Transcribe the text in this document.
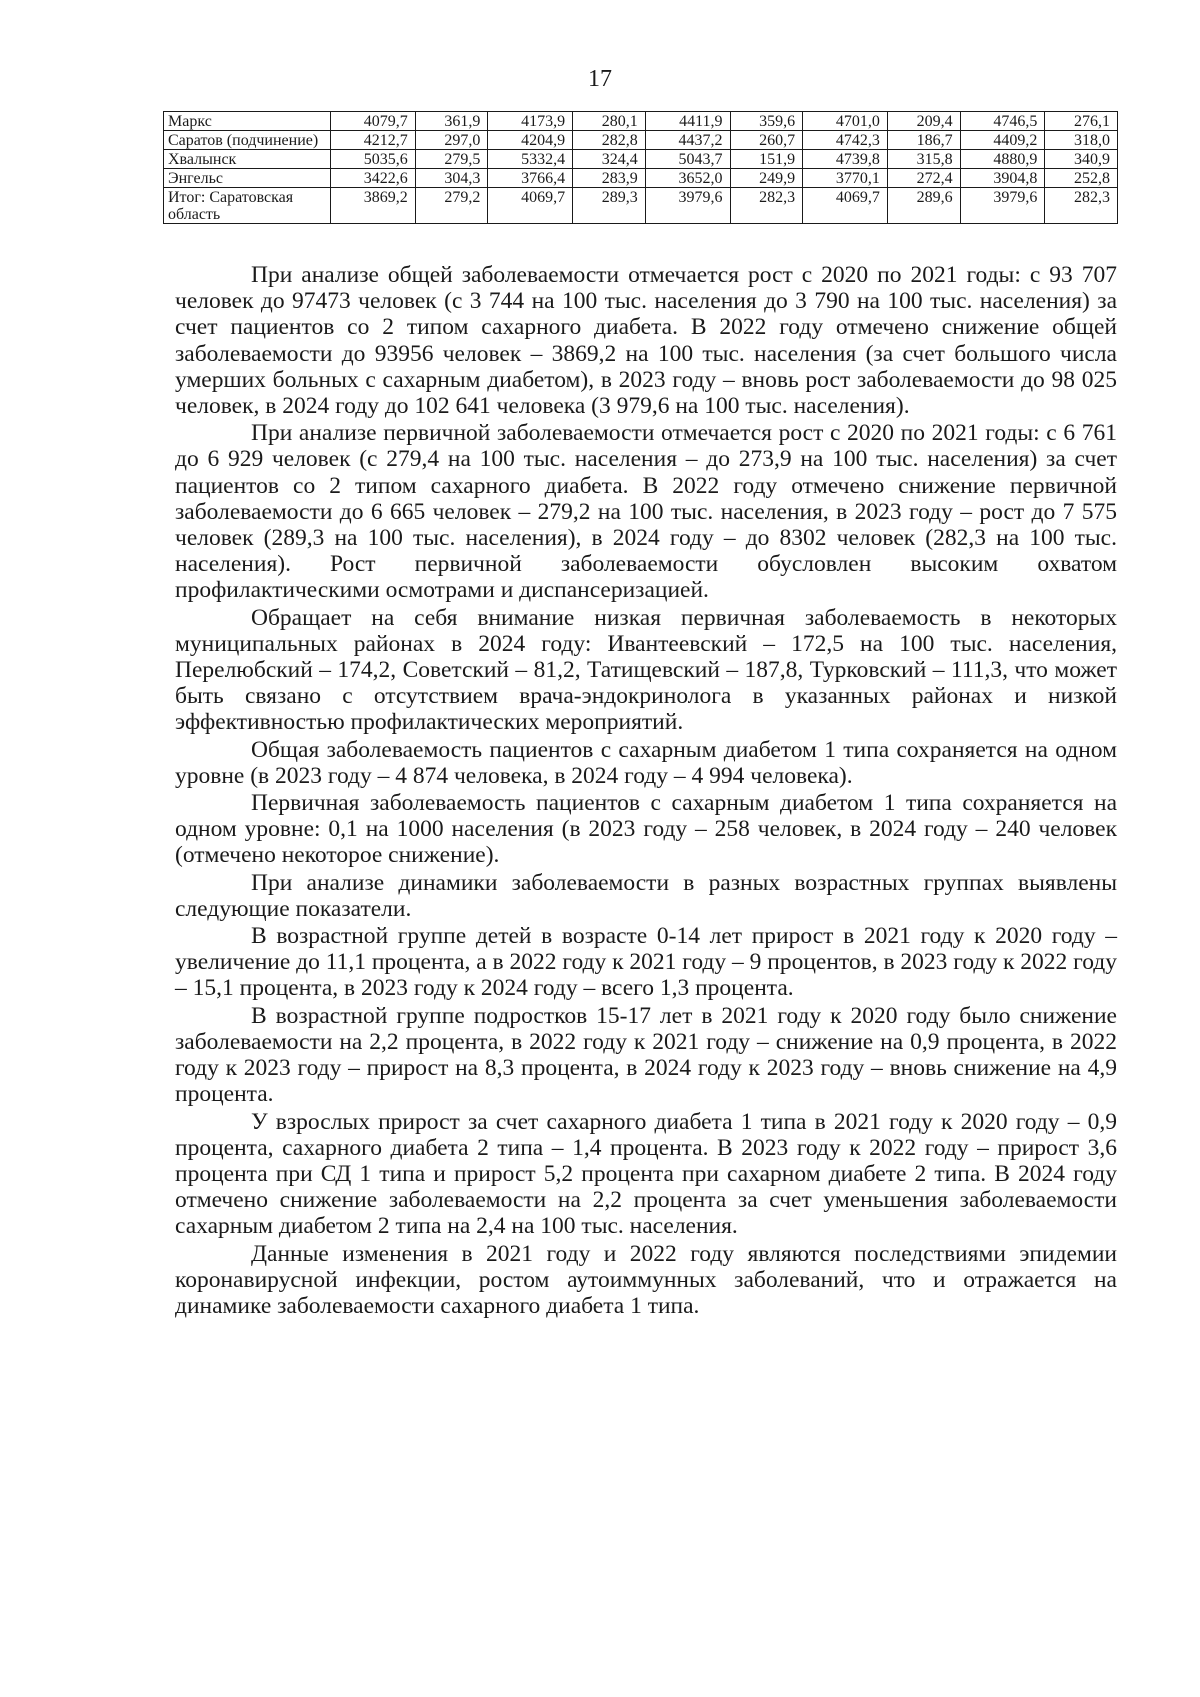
17
Маркс	4079,7	361,9	4173,9	280,1	4411,9	359,6	4701,0	209,4	4746,5	276,1
Саратов (подчинение)	4212,7	297,0	4204,9	282,8	4437,2	260,7	4742,3	186,7	4409,2	318,0
Хвалынск	5035,6	279,5	5332,4	324,4	5043,7	151,9	4739,8	315,8	4880,9	340,9
Энгельс	3422,6	304,3	3766,4	283,9	3652,0	249,9	3770,1	272,4	3904,8	252,8
Итог: Саратовская область	3869,2	279,2	4069,7	289,3	3979,6	282,3	4069,7	289,6	3979,6	282,3

При анализе общей заболеваемости отмечается рост с 2020 по 2021 годы: с 93 707 человек до 97473 человек (с 3 744 на 100 тыс. населения до 3 790 на 100 тыс. населения) за счет пациентов со 2 типом сахарного диабета. В 2022 году отмечено снижение общей заболеваемости до 93956 человек – 3869,2 на 100 тыс. населения (за счет большого числа умерших больных с сахарным диабетом), в 2023 году – вновь рост заболеваемости до 98 025 человек, в 2024 году до 102 641 человека (3 979,6 на 100 тыс. населения).

При анализе первичной заболеваемости отмечается рост с 2020 по 2021 годы: с 6 761 до 6 929 человек (с 279,4 на 100 тыс. населения – до 273,9 на 100 тыс. населения) за счет пациентов со 2 типом сахарного диабета. В 2022 году отмечено снижение первичной заболеваемости до 6 665 человек – 279,2 на 100 тыс. населения, в 2023 году – рост до 7 575 человек (289,3 на 100 тыс. населения), в 2024 году – до 8302 человек (282,3 на 100 тыс. населения). Рост первичной заболеваемости обусловлен высоким охватом профилактическими осмотрами и диспансеризацией.

Обращает на себя внимание низкая первичная заболеваемость в некоторых муниципальных районах в 2024 году: Ивантеевский – 172,5 на 100 тыс. населения, Перелюбский – 174,2, Советский – 81,2, Татищевский – 187,8, Турковский – 111,3, что может быть связано с отсутствием врача-эндокринолога в указанных районах и низкой эффективностью профилактических мероприятий.

Общая заболеваемость пациентов с сахарным диабетом 1 типа сохраняется на одном уровне (в 2023 году – 4 874 человека, в 2024 году – 4 994 человека).

Первичная заболеваемость пациентов с сахарным диабетом 1 типа сохраняется на одном уровне: 0,1 на 1000 населения (в 2023 году – 258 человек, в 2024 году – 240 человек (отмечено некоторое снижение).

При анализе динамики заболеваемости в разных возрастных группах выявлены следующие показатели.

В возрастной группе детей в возрасте 0-14 лет прирост в 2021 году к 2020 году – увеличение до 11,1 процента, а в 2022 году к 2021 году – 9 процентов, в 2023 году к 2022 году – 15,1 процента, в 2023 году к 2024 году – всего 1,3 процента.

В возрастной группе подростков 15-17 лет в 2021 году к 2020 году было снижение заболеваемости на 2,2 процента, в 2022 году к 2021 году – снижение на 0,9 процента, в 2022 году к 2023 году – прирост на 8,3 процента, в 2024 году к 2023 году – вновь снижение на 4,9 процента.

У взрослых прирост за счет сахарного диабета 1 типа в 2021 году к 2020 году – 0,9 процента, сахарного диабета 2 типа – 1,4 процента. В 2023 году к 2022 году – прирост 3,6 процента при СД 1 типа и прирост 5,2 процента при сахарном диабете 2 типа. В 2024 году отмечено снижение заболеваемости на 2,2 процента за счет уменьшения заболеваемости сахарным диабетом 2 типа на 2,4 на 100 тыс. населения.

Данные изменения в 2021 году и 2022 году являются последствиями эпидемии коронавирусной инфекции, ростом аутоиммунных заболеваний, что и отражается на динамике заболеваемости сахарного диабета 1 типа.
